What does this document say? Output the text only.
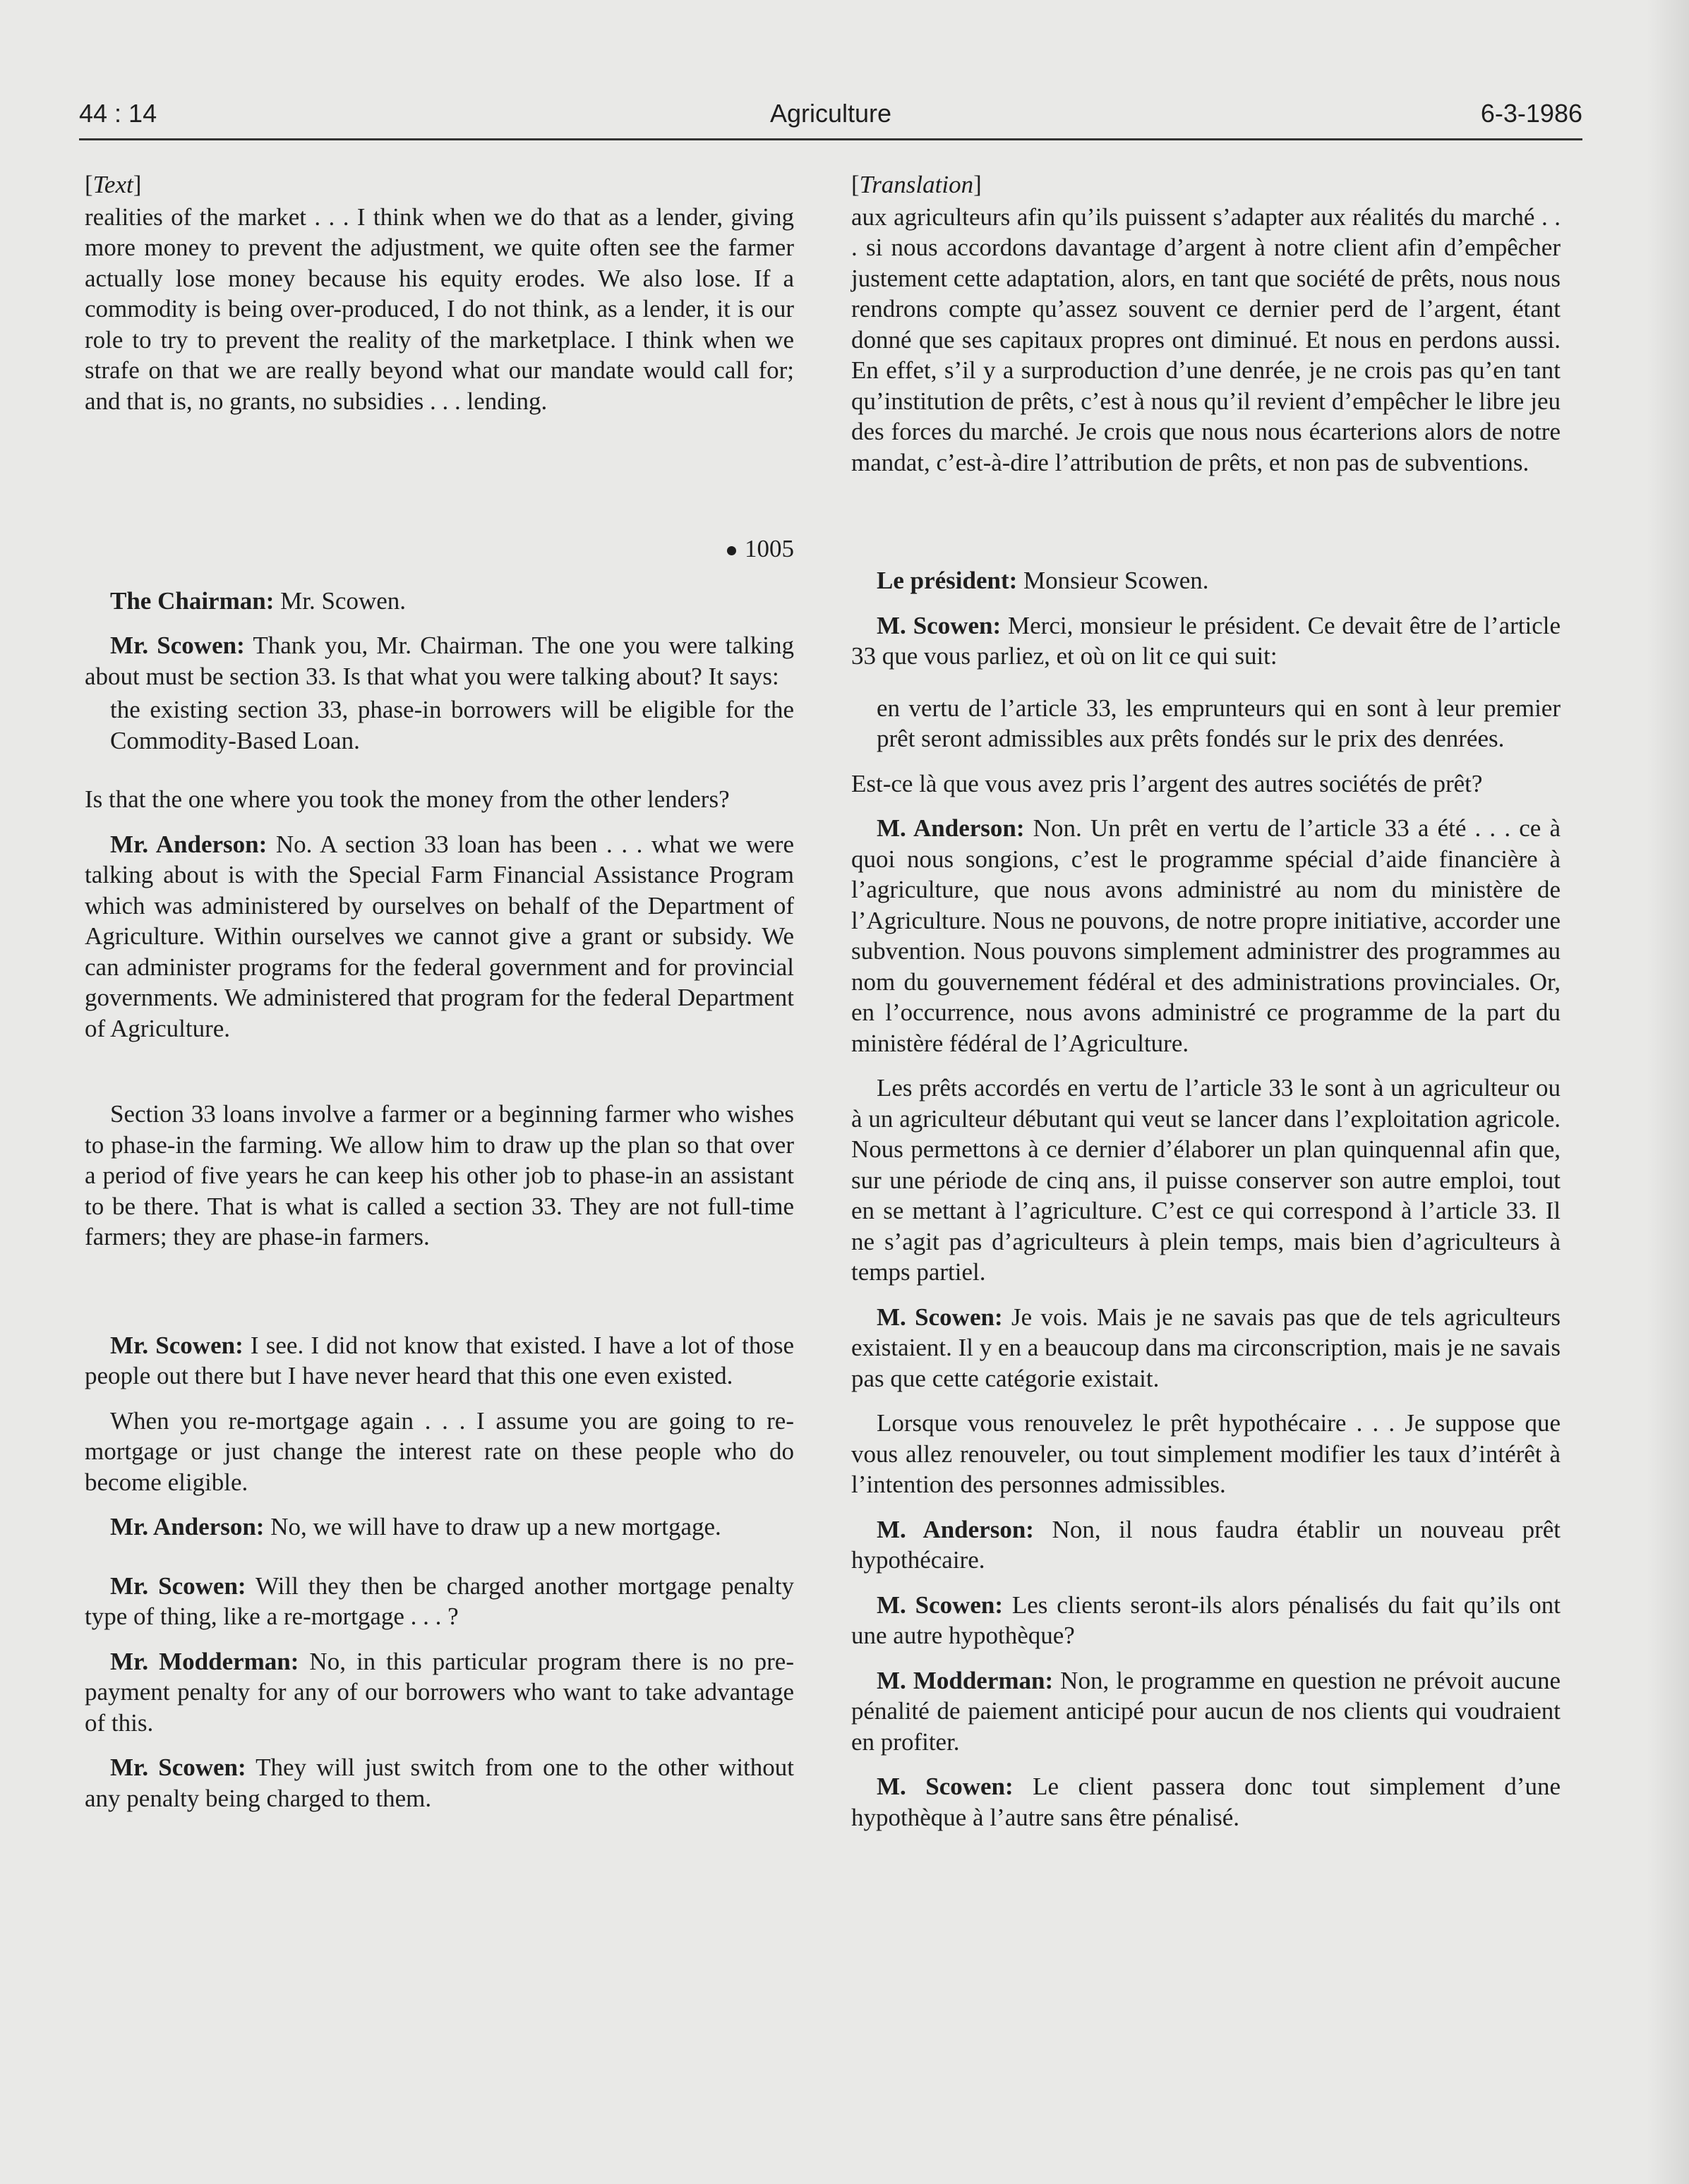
44 : 14	Agriculture	6-3-1986
[Text]

realities of the market . . . I think when we do that as a lender, giving more money to prevent the adjustment, we quite often see the farmer actually lose money because his equity erodes. We also lose. If a commodity is being over-produced, I do not think, as a lender, it is our role to try to prevent the reality of the marketplace. I think when we strafe on that we are really beyond what our mandate would call for; and that is, no grants, no subsidies . . . lending.

1005

The Chairman: Mr. Scowen.

Mr. Scowen: Thank you, Mr. Chairman. The one you were talking about must be section 33. Is that what you were talking about? It says:

the existing section 33, phase-in borrowers will be eligible for the Commodity-Based Loan.

Is that the one where you took the money from the other lenders?

Mr. Anderson: No. A section 33 loan has been . . . what we were talking about is with the Special Farm Financial Assistance Program which was administered by ourselves on behalf of the Department of Agriculture. Within ourselves we cannot give a grant or subsidy. We can administer programs for the federal government and for provincial governments. We administered that program for the federal Department of Agriculture.

Section 33 loans involve a farmer or a beginning farmer who wishes to phase-in the farming. We allow him to draw up the plan so that over a period of five years he can keep his other job to phase-in an assistant to be there. That is what is called a section 33. They are not full-time farmers; they are phase-in farmers.

Mr. Scowen: I see. I did not know that existed. I have a lot of those people out there but I have never heard that this one even existed.

When you re-mortgage again . . . I assume you are going to re-mortgage or just change the interest rate on these people who do become eligible.

Mr. Anderson: No, we will have to draw up a new mortgage.

Mr. Scowen: Will they then be charged another mortgage penalty type of thing, like a re-mortgage . . . ?

Mr. Modderman: No, in this particular program there is no pre-payment penalty for any of our borrowers who want to take advantage of this.

Mr. Scowen: They will just switch from one to the other without any penalty being charged to them.

[Translation]

aux agriculteurs afin qu’ils puissent s’adapter aux réalités du marché . . . si nous accordons davantage d’argent à notre client afin d’empêcher justement cette adaptation, alors, en tant que société de prêts, nous nous rendrons compte qu’assez souvent ce dernier perd de l’argent, étant donné que ses capitaux propres ont diminué. Et nous en perdons aussi. En effet, s’il y a surproduction d’une denrée, je ne crois pas qu’en tant qu’institution de prêts, c’est à nous qu’il revient d’empêcher le libre jeu des forces du marché. Je crois que nous nous écarterions alors de notre mandat, c’est-à-dire l’attribution de prêts, et non pas de subventions.

Le président: Monsieur Scowen.

M. Scowen: Merci, monsieur le président. Ce devait être de l’article 33 que vous parliez, et où on lit ce qui suit:

en vertu de l’article 33, les emprunteurs qui en sont à leur premier prêt seront admissibles aux prêts fondés sur le prix des denrées.

Est-ce là que vous avez pris l’argent des autres sociétés de prêt?

M. Anderson: Non. Un prêt en vertu de l’article 33 a été . . . ce à quoi nous songions, c’est le programme spécial d’aide financière à l’agriculture, que nous avons administré au nom du ministère de l’Agriculture. Nous ne pouvons, de notre propre initiative, accorder une subvention. Nous pouvons simplement administrer des programmes au nom du gouvernement fédéral et des administrations provinciales. Or, en l’occurrence, nous avons administré ce programme de la part du ministère fédéral de l’Agriculture.

Les prêts accordés en vertu de l’article 33 le sont à un agriculteur ou à un agriculteur débutant qui veut se lancer dans l’exploitation agricole. Nous permettons à ce dernier d’élaborer un plan quinquennal afin que, sur une période de cinq ans, il puisse conserver son autre emploi, tout en se mettant à l’agriculture. C’est ce qui correspond à l’article 33. Il ne s’agit pas d’agriculteurs à plein temps, mais bien d’agriculteurs à temps partiel.

M. Scowen: Je vois. Mais je ne savais pas que de tels agriculteurs existaient. Il y en a beaucoup dans ma circonscription, mais je ne savais pas que cette catégorie existait.

Lorsque vous renouvelez le prêt hypothécaire . . . Je suppose que vous allez renouveler, ou tout simplement modifier les taux d’intérêt à l’intention des personnes admissibles.

M. Anderson: Non, il nous faudra établir un nouveau prêt hypothécaire.

M. Scowen: Les clients seront-ils alors pénalisés du fait qu’ils ont une autre hypothèque?

M. Modderman: Non, le programme en question ne prévoit aucune pénalité de paiement anticipé pour aucun de nos clients qui voudraient en profiter.

M. Scowen: Le client passera donc tout simplement d’une hypothèque à l’autre sans être pénalisé.
